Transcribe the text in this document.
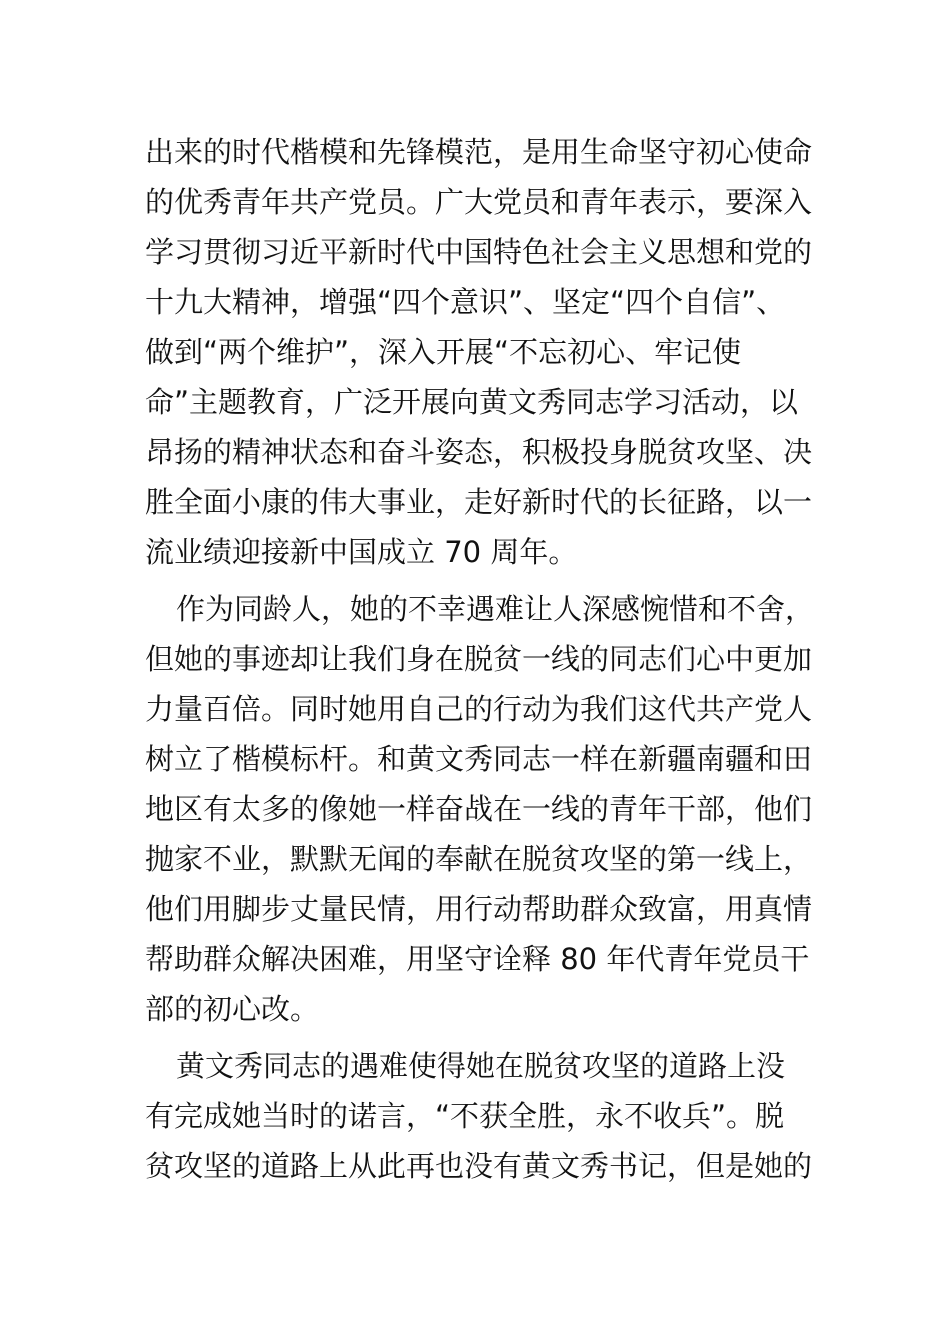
出来的时代楷模和先锋模范，是用生命坚守初心使命
的优秀青年共产党员。广大党员和青年表示，要深入
学习贯彻习近平新时代中国特色社会主义思想和党的
十九大精神，增强“四个意识”、坚定“四个自信”、
做到“两个维护”，深入开展“不忘初心、牢记使
命”主题教育，广泛开展向黄文秀同志学习活动，以
昂扬的精神状态和奋斗姿态，积极投身脱贫攻坚、决
胜全面小康的伟大事业，走好新时代的长征路，以一
流业绩迎接新中国成立 70 周年。
作为同龄人，她的不幸遇难让人深感惋惜和不舍，
但她的事迹却让我们身在脱贫一线的同志们心中更加
力量百倍。同时她用自己的行动为我们这代共产党人
树立了楷模标杆。和黄文秀同志一样在新疆南疆和田
地区有太多的像她一样奋战在一线的青年干部，他们
抛家不业，默默无闻的奉献在脱贫攻坚的第一线上，
他们用脚步丈量民情，用行动帮助群众致富，用真情
帮助群众解决困难，用坚守诠释 80 年代青年党员干
部的初心改。
黄文秀同志的遇难使得她在脱贫攻坚的道路上没
有完成她当时的诺言，“不获全胜，永不收兵”。脱
贫攻坚的道路上从此再也没有黄文秀书记，但是她的
